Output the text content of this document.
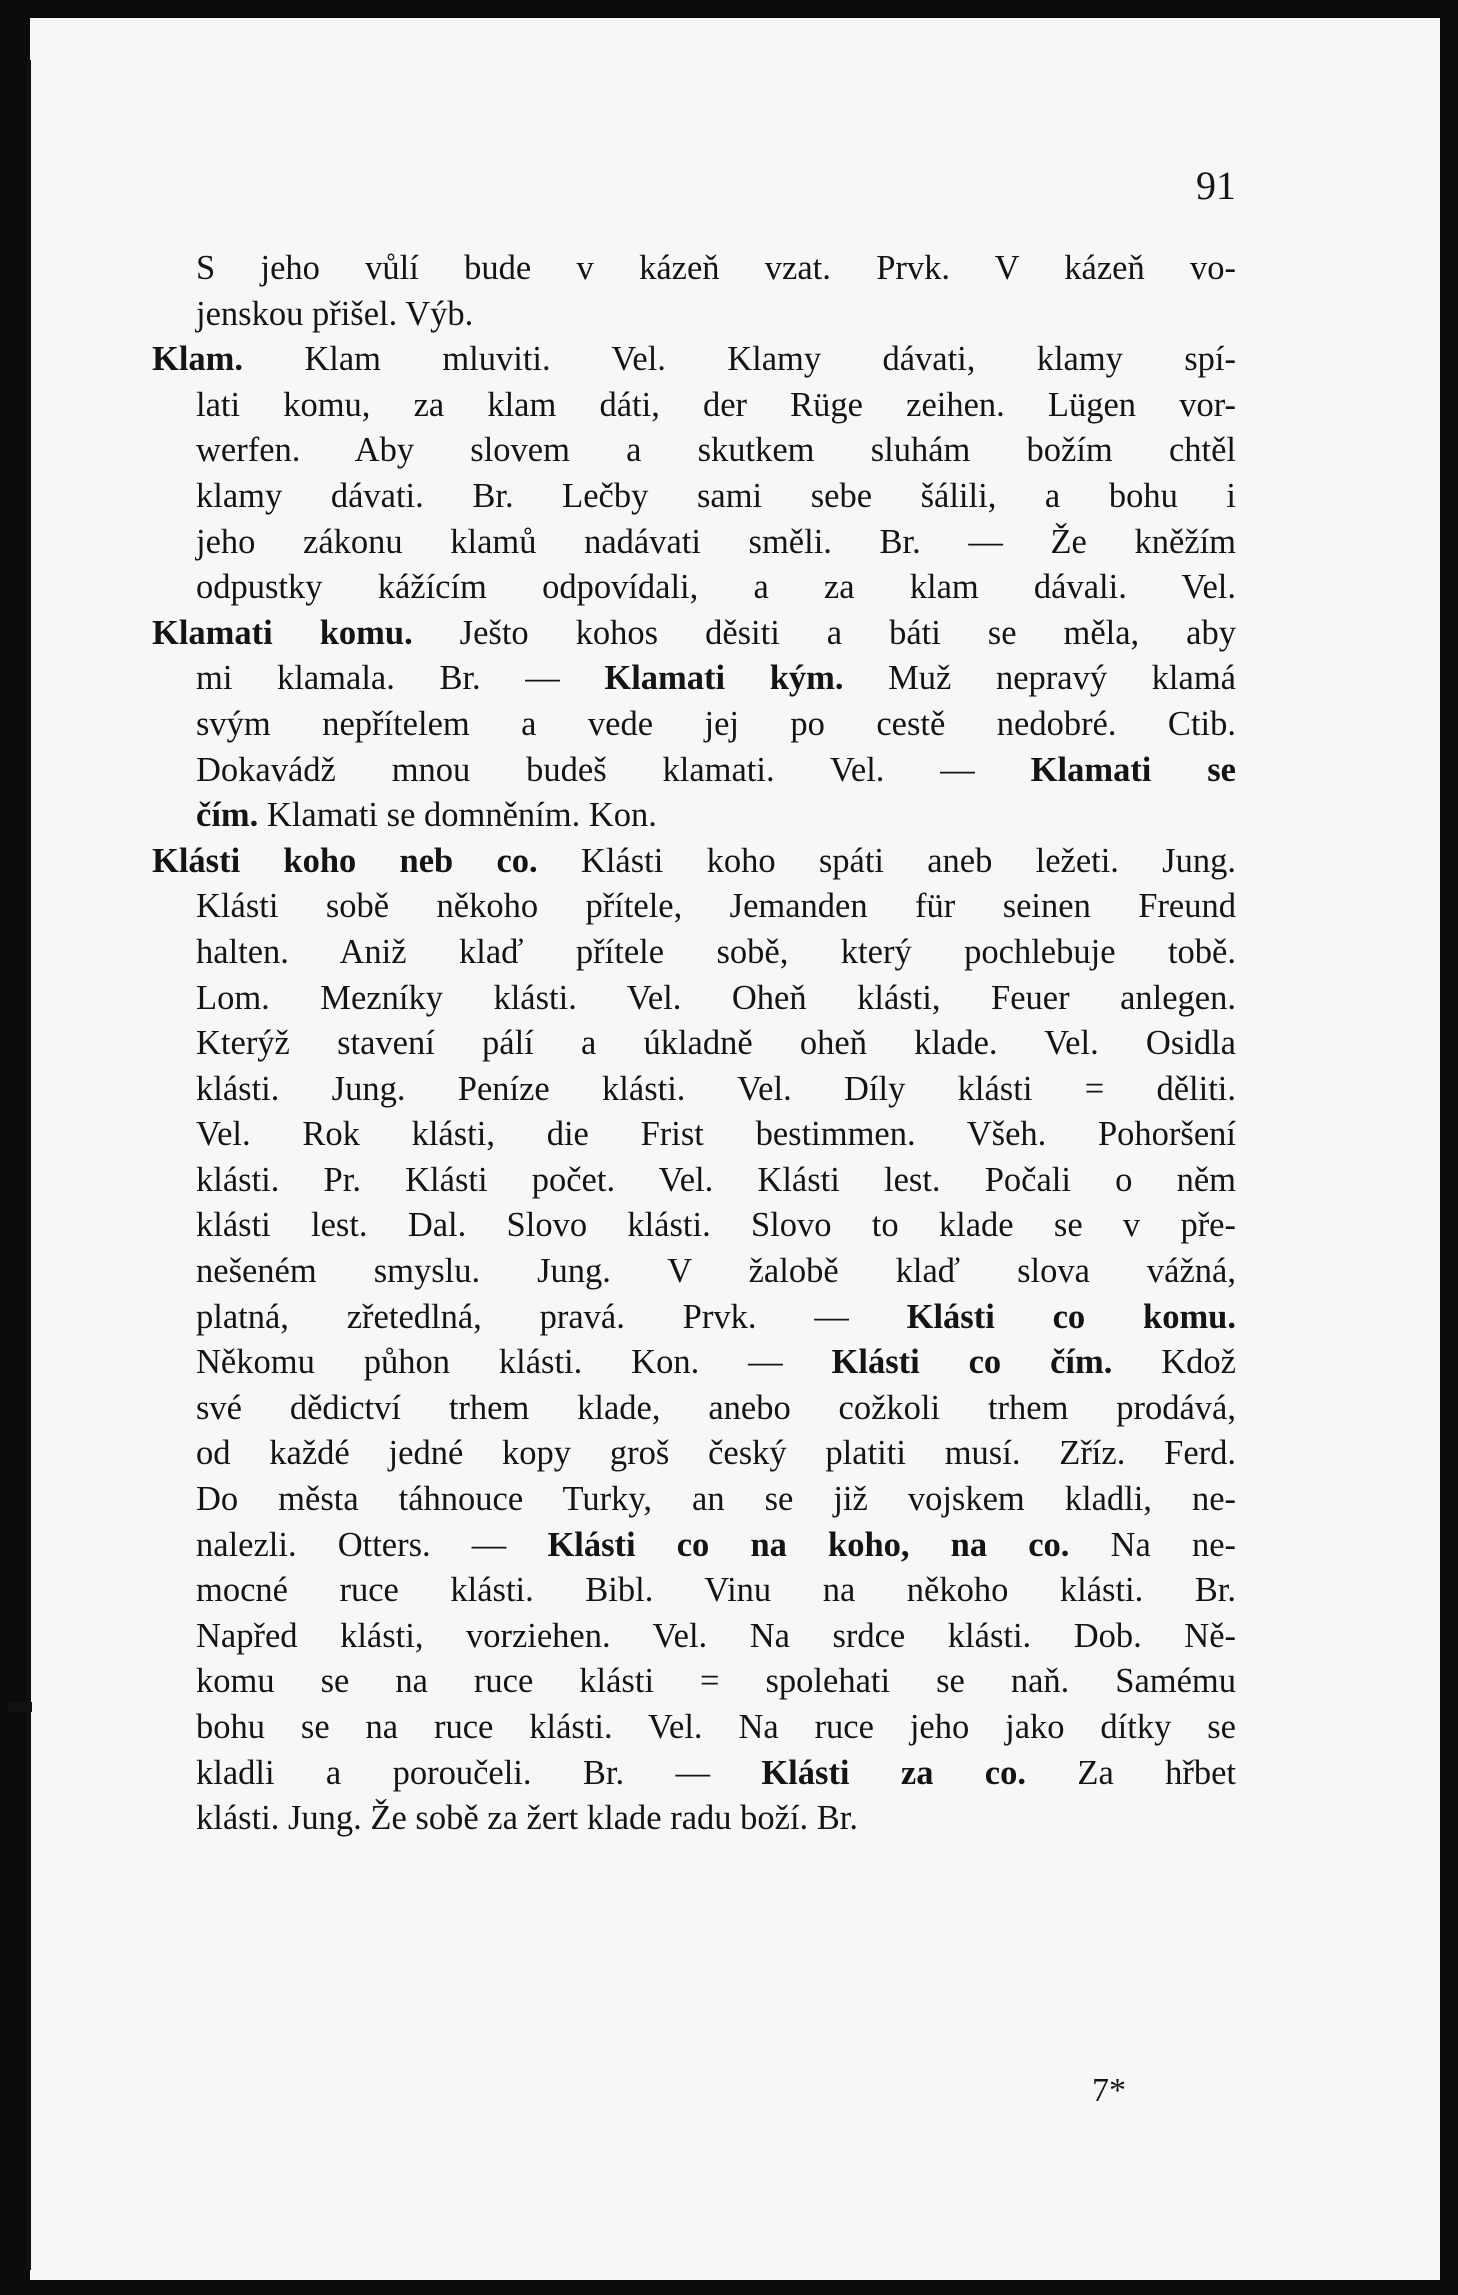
91
S jeho vůlí bude v kázeň vzat. Prvk. V kázeň vo-
jenskou přišel. Výb.
Klam. Klam mluviti. Vel. Klamy dávati, klamy spí-
lati komu, za klam dáti, der Rüge zeihen. Lügen vor-
werfen. Aby slovem a skutkem sluhám božím chtěl
klamy dávati. Br. Lečby sami sebe šálili, a bohu i
jeho zákonu klamů nadávati směli. Br. — Že kněžím
odpustky kážícím odpovídali, a za klam dávali. Vel.
Klamati komu. Ješto kohos děsiti a báti se měla, aby
mi klamala. Br. — Klamati kým. Muž nepravý klamá
svým nepřítelem a vede jej po cestě nedobré. Ctib.
Dokavádž mnou budeš klamati. Vel. — Klamati se
čím. Klamati se domněním. Kon.
Klásti koho neb co. Klásti koho spáti aneb ležeti. Jung.
Klásti sobě někoho přítele, Jemanden für seinen Freund
halten. Aniž klaď přítele sobě, který pochlebuje tobě.
Lom. Mezníky klásti. Vel. Oheň klásti, Feuer anlegen.
Kterýž stavení pálí a úkladně oheň klade. Vel. Osidla
klásti. Jung. Peníze klásti. Vel. Díly klásti = děliti.
Vel. Rok klásti, die Frist bestimmen. Všeh. Pohoršení
klásti. Pr. Klásti počet. Vel. Klásti lest. Počali o něm
klásti lest. Dal. Slovo klásti. Slovo to klade se v pře-
nešeném smyslu. Jung. V žalobě klaď slova vážná,
platná, zřetedlná, pravá. Prvk. — Klásti co komu.
Někomu půhon klásti. Kon. — Klásti co čím. Kdož
své dědictví trhem klade, anebo cožkoli trhem prodává,
od každé jedné kopy groš český platiti musí. Zříz. Ferd.
Do města táhnouce Turky, an se již vojskem kladli, ne-
nalezli. Otters. — Klásti co na koho, na co. Na ne-
mocné ruce klásti. Bibl. Vinu na někoho klásti. Br.
Napřed klásti, vorziehen. Vel. Na srdce klásti. Dob. Ně-
komu se na ruce klásti = spolehati se naň. Samému
bohu se na ruce klásti. Vel. Na ruce jeho jako dítky se
kladli a poroučeli. Br. — Klásti za co. Za hřbet
klásti. Jung. Že sobě za žert klade radu boží. Br.
7*
